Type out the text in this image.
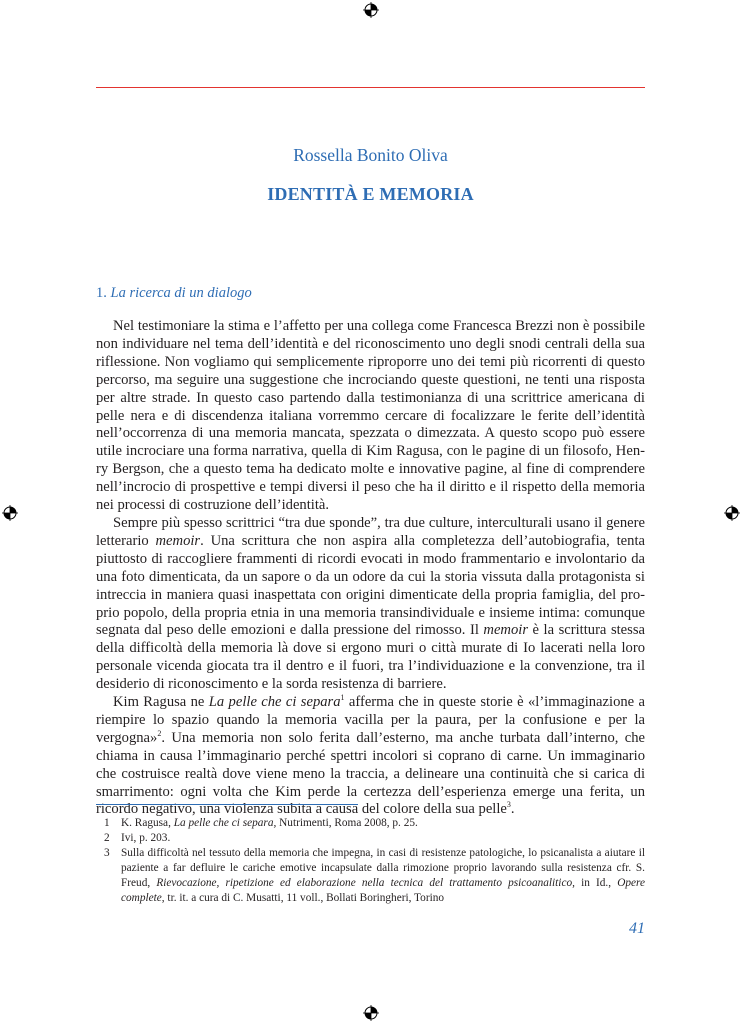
Rossella Bonito Oliva
IDENTITÀ E MEMORIA
1. La ricerca di un dialogo

Nel testimoniare la stima e l’affetto per una collega come Francesca Brezzi non è possibile non individuare nel tema dell’identità e del riconoscimento uno degli snodi centrali della sua riflessione. Non vogliamo qui semplicemente riproporre uno dei temi più ricorrenti di questo percorso, ma seguire una suggestione che incrociando queste questioni, ne tenti una risposta per altre strade. In questo caso partendo dalla testimonianza di una scrittrice americana di pelle nera e di discendenza italiana vorremmo cercare di focalizzare le ferite dell’identità nell’occorrenza di una memoria mancata, spezzata o dimezzata. A questo scopo può essere utile incrociare una forma narrativa, quella di Kim Ragusa, con le pagine di un filosofo, Henry Bergson, che a questo tema ha dedicato molte e innovative pagine, al fine di comprendere nell’incrocio di prospettive e tempi diversi il peso che ha il diritto e il rispetto della memoria nei processi di costruzione dell’identità.

Sempre più spesso scrittrici “tra due sponde”, tra due culture, interculturali usano il genere letterario memoir. Una scrittura che non aspira alla completezza dell’autobiografia, tenta piuttosto di raccogliere frammenti di ricordi evocati in modo frammentario e involontario da una foto dimenticata, da un sapore o da un odore da cui la storia vissuta dalla protagonista si intreccia in maniera quasi inaspettata con origini dimenticate della propria famiglia, del proprio popolo, della propria etnia in una memoria transindividuale e insieme intima: comunque segnata dal peso delle emozioni e dalla pressione del rimosso. Il memoir è la scrittura stessa della difficoltà della memoria là dove si ergono muri o città murate di Io lacerati nella loro personale vicenda giocata tra il dentro e il fuori, tra l’individuazione e la convenzione, tra il desiderio di riconoscimento e la sorda resistenza di barriere.

Kim Ragusa ne La pelle che ci separa$^1$ afferma che in queste storie è «l’immaginazione a riempire lo spazio quando la memoria vacilla per la paura, per la confusione e per la vergogna»$^2$. Una memoria non solo ferita dall’esterno, ma anche turbata dall’interno, che chiama in causa l’immaginario perché spettri incolori si coprano di carne. Un immaginario che costruisce realtà dove viene meno la traccia, a delineare una continuità che si carica di smarrimento: ogni volta che Kim perde la certezza dell’esperienza emerge una ferita, un ricordo negativo, una violenza subita a causa del colore della sua pelle$^3$.

1	K. Ragusa, La pelle che ci separa, Nutrimenti, Roma 2008, p. 25.
2	Ivi, p. 203.
3	Sulla difficoltà nel tessuto della memoria che impegna, in casi di resistenze patologiche, lo psicanalista a aiutare il paziente a far defluire le cariche emotive incapsulate dalla rimozione proprio lavorando sulla resistenza cfr. S. Freud, Rievocazione, ripetizione ed elaborazione nella tecnica del trattamento psicoanalitico, in Id., Opere complete, tr. it. a cura di C. Musatti, 11 voll., Bollati Boringheri, Torino
41
